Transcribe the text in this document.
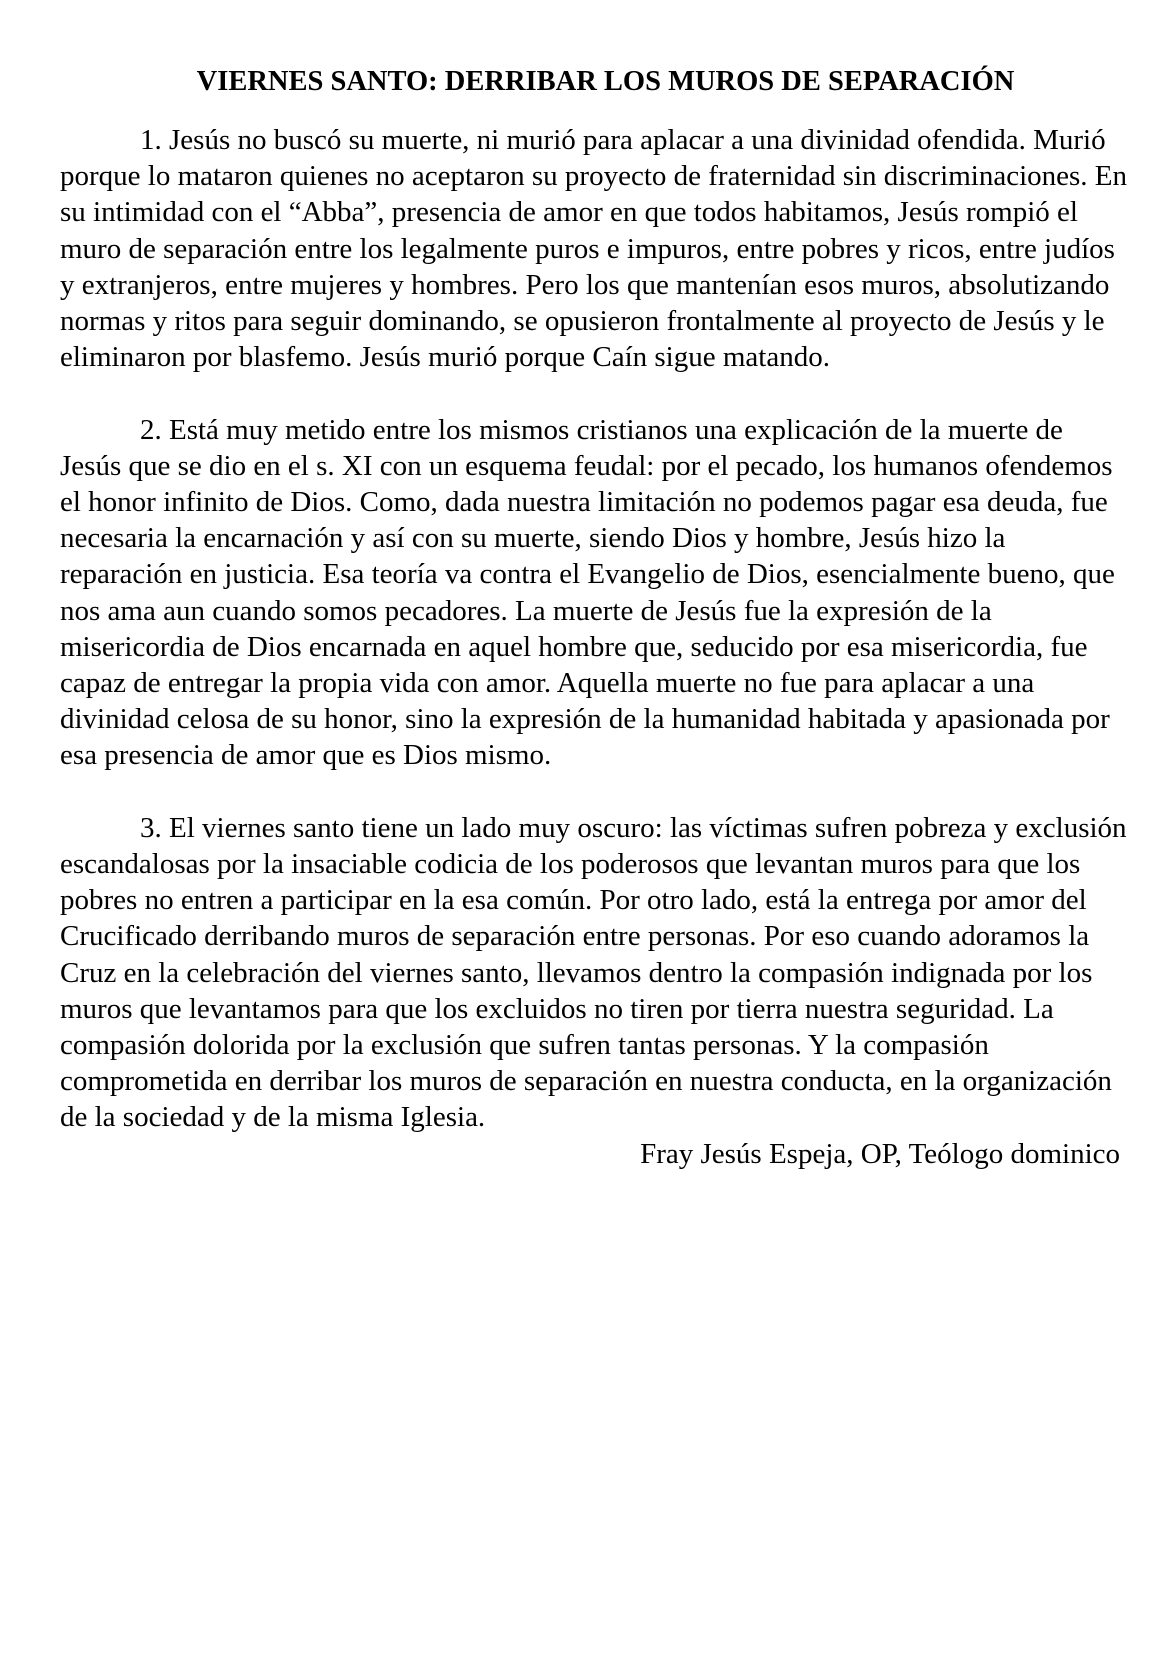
VIERNES SANTO: DERRIBAR LOS MUROS DE SEPARACIÓN

1. Jesús no buscó su muerte, ni murió para aplacar a una divinidad ofendida. Murió porque lo mataron quienes no aceptaron su proyecto de fraternidad sin discriminaciones. En su intimidad con el “Abba”, presencia de amor en que todos habitamos, Jesús rompió el muro de separación entre los legalmente puros e impuros, entre pobres y ricos, entre judíos y extranjeros, entre mujeres y hombres. Pero los que mantenían esos muros, absolutizando normas y ritos para seguir dominando, se opusieron frontalmente al proyecto de Jesús y le eliminaron por blasfemo. Jesús murió porque Caín sigue matando.

2. Está muy metido entre los mismos cristianos una explicación de la muerte de Jesús que se dio en el s. XI con un esquema feudal: por el pecado, los humanos ofendemos el honor infinito de Dios. Como, dada nuestra limitación no podemos pagar esa deuda, fue necesaria la encarnación y así con su muerte, siendo Dios y hombre, Jesús hizo la reparación en justicia. Esa teoría va contra el Evangelio de Dios, esencialmente bueno, que nos ama aun cuando somos pecadores. La muerte de Jesús fue la expresión de la misericordia de Dios encarnada en aquel hombre que, seducido por esa misericordia, fue capaz de entregar la propia vida con amor. Aquella muerte no fue para aplacar a una divinidad celosa de su honor, sino la expresión de la humanidad habitada y apasionada por esa presencia de amor que es Dios mismo.

3. El viernes santo tiene un lado muy oscuro: las víctimas sufren pobreza y exclusión escandalosas por la insaciable codicia de los poderosos que levantan muros para que los pobres no entren a participar en la esa común. Por otro lado, está la entrega por amor del Crucificado derribando muros de separación entre personas. Por eso cuando adoramos la Cruz en la celebración del viernes santo, llevamos dentro la compasión indignada por los muros que levantamos para que los excluidos no tiren por tierra nuestra seguridad. La compasión dolorida por la exclusión que sufren tantas personas. Y la compasión comprometida en derribar los muros de separación en nuestra conducta, en la organización de la sociedad y de la misma Iglesia.

Fray Jesús Espeja, OP, Teólogo dominico
